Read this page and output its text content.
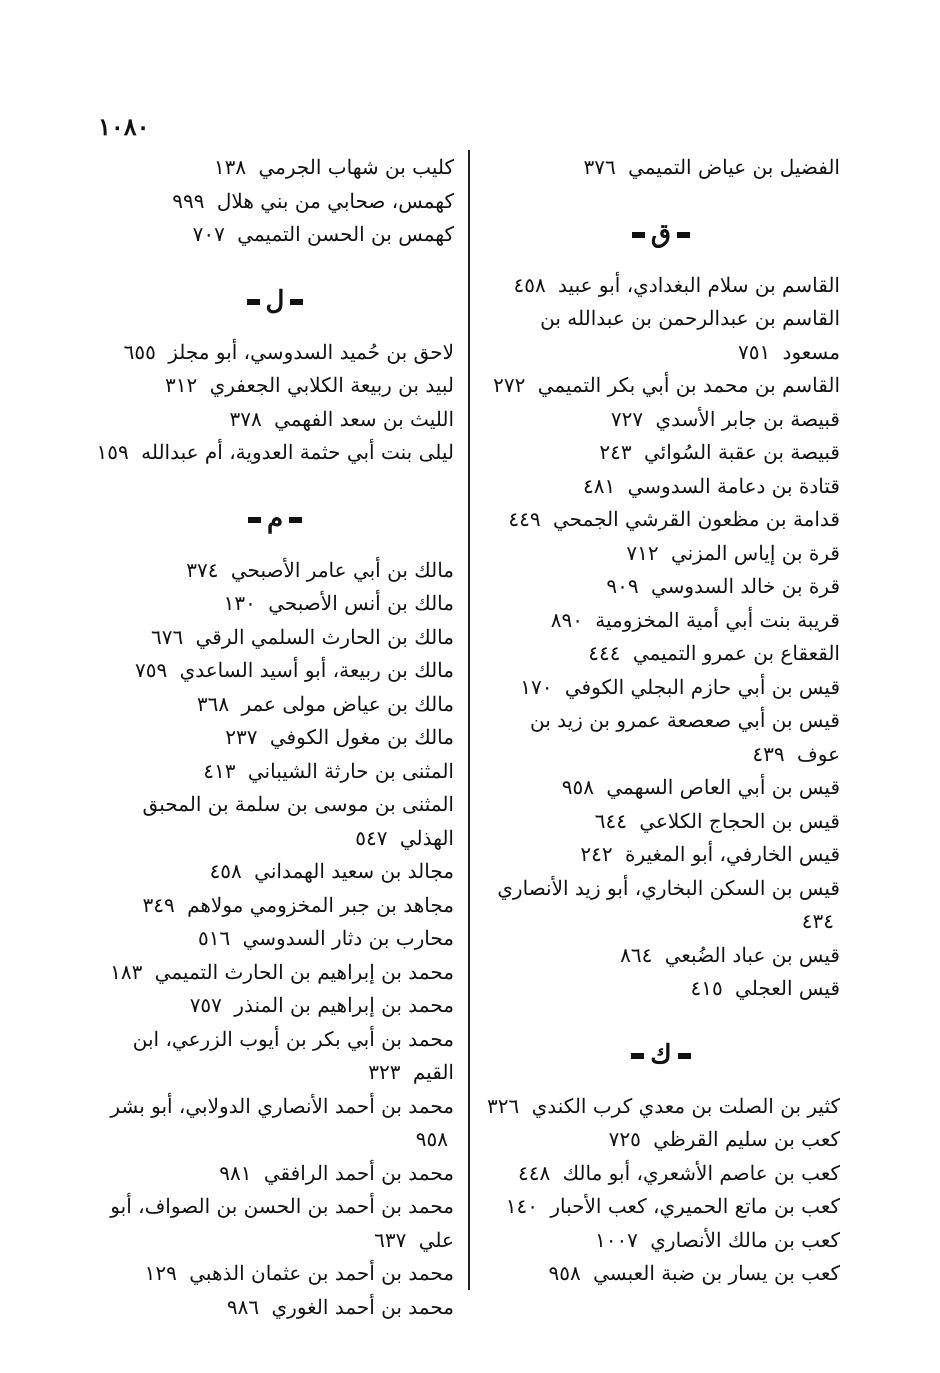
١٠٨٠

الفضيل بن عياض التميمي ٣٧٦

ق

القاسم بن سلام البغدادي، أبو عبيد ٤٥٨

القاسم بن عبدالرحمن بن عبدالله بن مسعود ٧٥١

القاسم بن محمد بن أبي بكر التميمي ٢٧٢

قبيصة بن جابر الأسدي ٧٢٧

قبيصة بن عقبة السُوائي ٢٤٣

قتادة بن دعامة السدوسي ٤٨١

قدامة بن مظعون القرشي الجمحي ٤٤٩

قرة بن إياس المزني ٧١٢

قرة بن خالد السدوسي ٩٠٩

قريبة بنت أبي أمية المخزومية ٨٩٠

القعقاع بن عمرو التميمي ٤٤٤

قيس بن أبي حازم البجلي الكوفي ١٧٠

قيس بن أبي صعصعة عمرو بن زيد بن عوف ٤٣٩

قيس بن أبي العاص السهمي ٩٥٨

قيس بن الحجاج الكلاعي ٦٤٤

قيس الخارفي، أبو المغيرة ٢٤٢

قيس بن السكن البخاري، أبو زيد الأنصاري ٤٣٤

قيس بن عباد الضُبعي ٨٦٤

قيس العجلي ٤١٥

ك

كثير بن الصلت بن معدي كرب الكندي ٣٢٦

كعب بن سليم القرظي ٧٢٥

كعب بن عاصم الأشعري، أبو مالك ٤٤٨

كعب بن ماتع الحميري، كعب الأحبار ١٤٠

كعب بن مالك الأنصاري ١٠٠٧

كعب بن يسار بن ضبة العبسي ٩٥٨

كليب بن شهاب الجرمي ١٣٨

كهمس، صحابي من بني هلال ٩٩٩

كهمس بن الحسن التميمي ٧٠٧

ل

لاحق بن حُميد السدوسي، أبو مجلز ٦٥٥

لبيد بن ربيعة الكلابي الجعفري ٣١٢

الليث بن سعد الفهمي ٣٧٨

ليلى بنت أبي حثمة العدوية، أم عبدالله ١٥٩

م

مالك بن أبي عامر الأصبحي ٣٧٤

مالك بن أنس الأصبحي ١٣٠

مالك بن الحارث السلمي الرقي ٦٧٦

مالك بن ربيعة، أبو أسيد الساعدي ٧٥٩

مالك بن عياض مولى عمر ٣٦٨

مالك بن مغول الكوفي ٢٣٧

المثنى بن حارثة الشيباني ٤١٣

المثنى بن موسى بن سلمة بن المحبق الهذلي ٥٤٧

مجالد بن سعيد الهمداني ٤٥٨

مجاهد بن جبر المخزومي مولاهم ٣٤٩

محارب بن دثار السدوسي ٥١٦

محمد بن إبراهيم بن الحارث التميمي ١٨٣

محمد بن إبراهيم بن المنذر ٧٥٧

محمد بن أبي بكر بن أيوب الزرعي، ابن القيم ٣٢٣

محمد بن أحمد الأنصاري الدولابي، أبو بشر ٩٥٨

محمد بن أحمد الرافقي ٩٨١

محمد بن أحمد بن الحسن بن الصواف، أبو علي ٦٣٧

محمد بن أحمد بن عثمان الذهبي ١٢٩

محمد بن أحمد الغوري ٩٨٦
